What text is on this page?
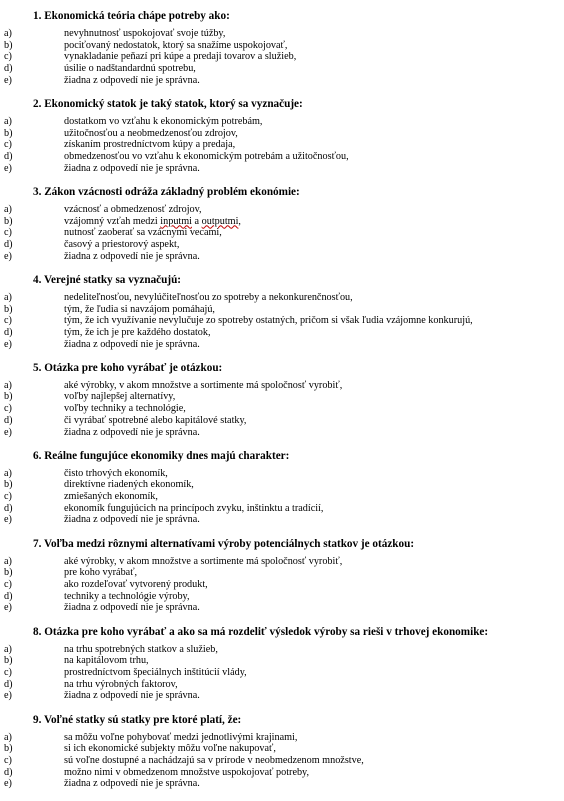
1. Ekonomická teória chápe potreby ako:
a)	nevyhnutnosť uspokojovať svoje túžby,
b)	pociťovaný nedostatok, ktorý sa snažíme uspokojovať,
c)	vynakladanie peňazí pri kúpe a predaji tovarov a služieb,
d)	úsilie o nadštandardnú spotrebu,
e)	žiadna z odpovedí nie je správna.
2. Ekonomický statok je taký statok, ktorý sa vyznačuje:
a)	dostatkom vo vzťahu k ekonomickým potrebám,
b)	užitočnosťou a neobmedzenosťou zdrojov,
c)	získaním prostredníctvom kúpy a predaja,
d)	obmedzenosťou vo vzťahu k ekonomickým potrebám a užitočnosťou,
e)	žiadna z odpovedí nie je správna.
3. Zákon vzácnosti odráža základný problém ekonómie:
a)	vzácnosť a obmedzenosť zdrojov,
b)	vzájomný vzťah medzi inputmi a outputmi,
c)	nutnosť zaoberať sa vzácnymi vecami,
d)	časový a priestorový aspekt,
e)	žiadna z odpovedí nie je správna.
4. Verejné statky sa vyznačujú:
a)	nedeliteľnosťou, nevylúčiteľnosťou zo spotreby a nekonkurenčnosťou,
b)	tým, že ľudia si navzájom pomáhajú,
c)	tým, že ich využívanie nevylučuje zo spotreby ostatných, pričom si však ľudia vzájomne konkurujú,
d)	tým, že ich je pre každého dostatok,
e)	žiadna z odpovedí nie je správna.
5. Otázka pre koho vyrábať je otázkou:
a)	aké výrobky, v akom množstve a sortimente má spoločnosť vyrobiť,
b)	voľby najlepšej alternatívy,
c)	voľby techniky a technológie,
d)	či vyrábať spotrebné alebo kapitálové statky,
e)	žiadna z odpovedí nie je správna.
6. Reálne fungujúce ekonomiky dnes majú charakter:
a)	čisto trhových ekonomík,
b)	direktívne riadených ekonomík,
c)	zmiešaných ekonomík,
d)	ekonomík fungujúcich na princípoch zvyku, inštinktu a tradícií,
e)	žiadna z odpovedí nie je správna.
7. Voľba medzi rôznymi alternatívami výroby potenciálnych statkov je otázkou:
a)	aké výrobky, v akom množstve a sortimente má spoločnosť vyrobiť,
b)	pre koho vyrábať,
c)	ako rozdeľovať vytvorený produkt,
d)	techniky a technológie výroby,
e)	žiadna z odpovedí nie je správna.
8. Otázka pre koho vyrábať a ako sa má rozdeliť výsledok výroby sa rieši v trhovej ekonomike:
a)	na trhu spotrebných statkov a služieb,
b)	na kapitálovom trhu,
c)	prostredníctvom špeciálnych inštitúcií vlády,
d)	na trhu výrobných faktorov,
e)	žiadna z odpovedí nie je správna.
9. Voľné statky sú statky pre ktoré platí, že:
a)	sa môžu voľne pohybovať medzi jednotlivými krajinami,
b)	si ich ekonomické subjekty môžu voľne nakupovať,
c)	sú voľne dostupné a nachádzajú sa v prírode v neobmedzenom množstve,
d)	možno nimi v obmedzenom množstve uspokojovať potreby,
e)	žiadna z odpovedí nie je správna.
